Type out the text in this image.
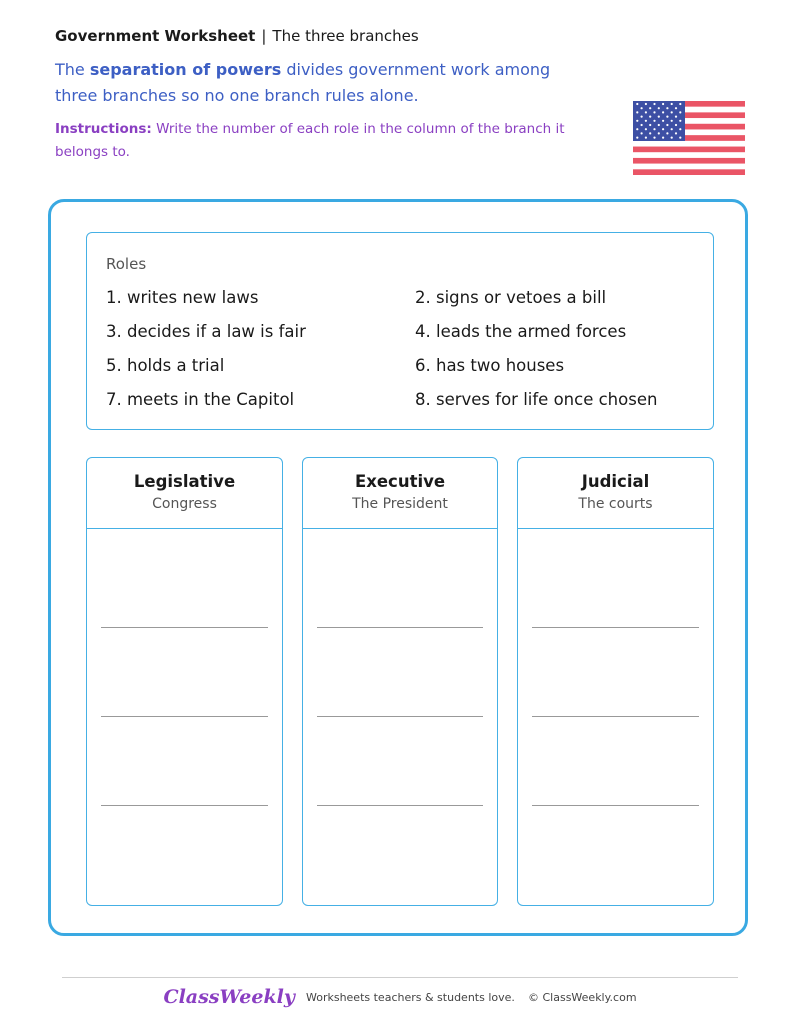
Government Worksheet | The three branches
The separation of powers divides government work among three branches so no one branch rules alone.
Instructions: Write the number of each role in the column of the branch it belongs to.
Roles
1. writes new laws	2. signs or vetoes a bill
3. decides if a law is fair	4. leads the armed forces
5. holds a trial	6. has two houses
7. meets in the Capitol	8. serves for life once chosen
Legislative
Congress
Executive
The President
Judicial
The courts
ClassWeekly Worksheets teachers & students love. © ClassWeekly.com
